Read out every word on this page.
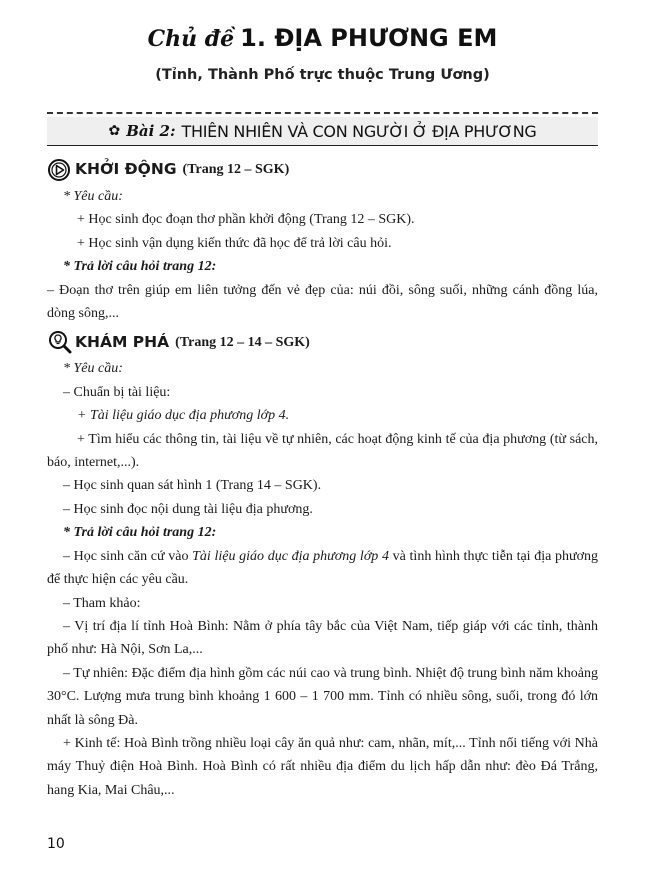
Chủ đề 1. ĐỊA PHƯƠNG EM
(Tỉnh, Thành Phố trực thuộc Trung Ương)
✿ Bài 2: THIÊN NHIÊN VÀ CON NGƯỜI Ở ĐỊA PHƯƠNG
KHỞI ĐỘNG (Trang 12 – SGK)

* Yêu cầu:

+ Học sinh đọc đoạn thơ phần khởi động (Trang 12 – SGK).

+ Học sinh vận dụng kiến thức đã học để trả lời câu hỏi.

* Trả lời câu hỏi trang 12:

– Đoạn thơ trên giúp em liên tưởng đến vẻ đẹp của: núi đồi, sông suối, những cánh đồng lúa, dòng sông,...

KHÁM PHÁ (Trang 12 – 14 – SGK)

* Yêu cầu:

– Chuẩn bị tài liệu:

+ Tài liệu giáo dục địa phương lớp 4.

+ Tìm hiểu các thông tin, tài liệu về tự nhiên, các hoạt động kinh tế của địa phương (từ sách, báo, internet,...).

– Học sinh quan sát hình 1 (Trang 14 – SGK).

– Học sinh đọc nội dung tài liệu địa phương.

* Trả lời câu hỏi trang 12:

– Học sinh căn cứ vào Tài liệu giáo dục địa phương lớp 4 và tình hình thực tiễn tại địa phương để thực hiện các yêu cầu.

– Tham khảo:

– Vị trí địa lí tỉnh Hoà Bình: Nằm ở phía tây bắc của Việt Nam, tiếp giáp với các tỉnh, thành phố như: Hà Nội, Sơn La,...

– Tự nhiên: Đặc điểm địa hình gồm các núi cao và trung bình. Nhiệt độ trung bình năm khoảng 30°C. Lượng mưa trung bình khoảng 1 600 – 1 700 mm. Tỉnh có nhiều sông, suối, trong đó lớn nhất là sông Đà.

+ Kinh tế: Hoà Bình trồng nhiều loại cây ăn quả như: cam, nhãn, mít,... Tỉnh nổi tiếng với Nhà máy Thuỷ điện Hoà Bình. Hoà Bình có rất nhiều địa điểm du lịch hấp dẫn như: đèo Đá Trắng, hang Kia, Mai Châu,...

10
